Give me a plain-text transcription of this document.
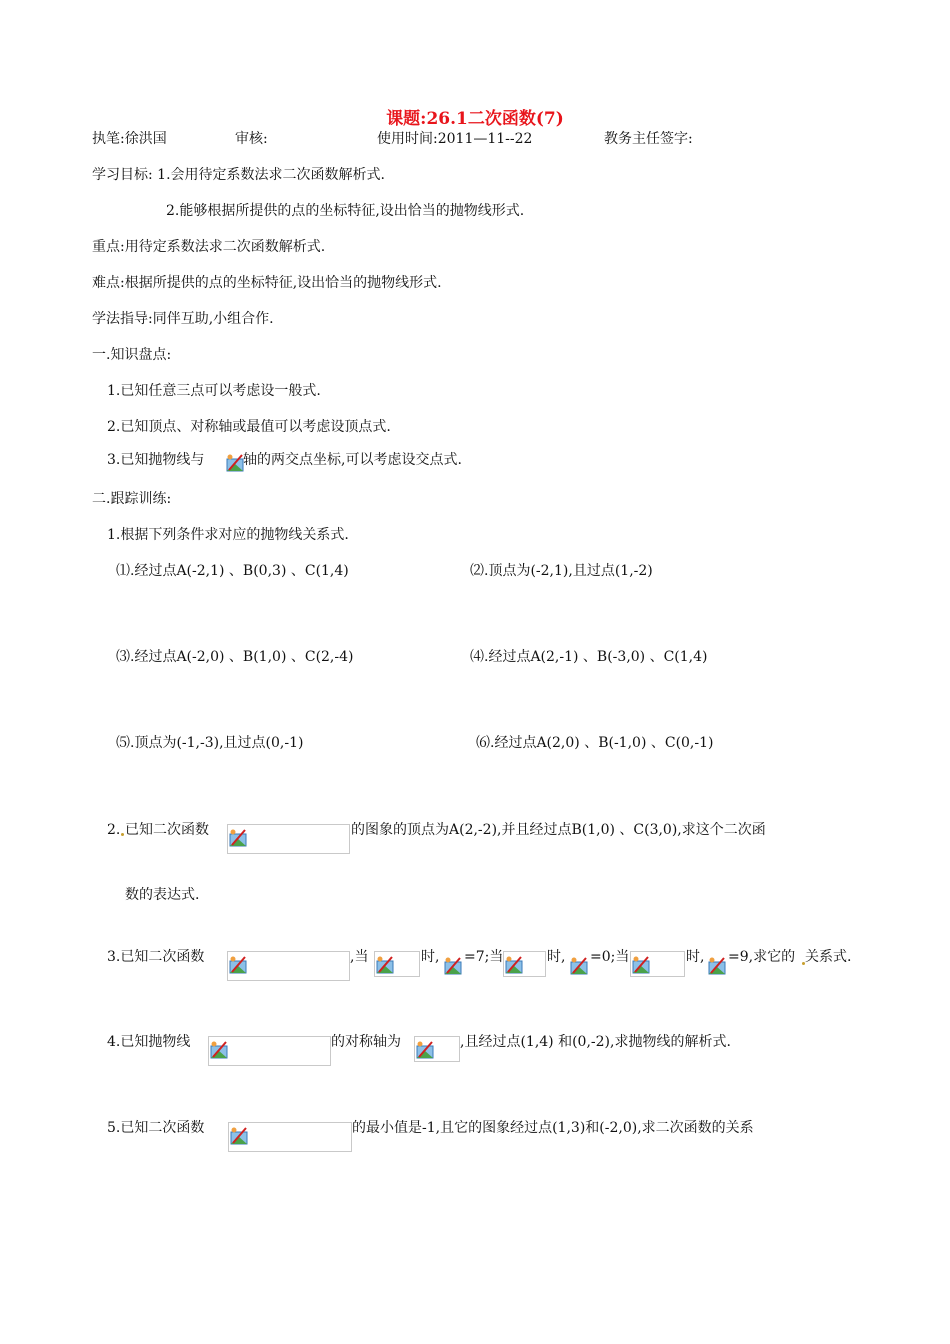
课题:26.1二次函数(7)
执笔:徐洪国	审核:	使用时间:2011—11--22	教务主任签字:
学习目标: 1.会用待定系数法求二次函数解析式.
2.能够根据所提供的点的坐标特征,设出恰当的抛物线形式.
重点:用待定系数法求二次函数解析式.
难点:根据所提供的点的坐标特征,设出恰当的抛物线形式.
学法指导:同伴互助,小组合作.
一.知识盘点:
1.已知任意三点可以考虑设一般式.
2.已知顶点、对称轴或最值可以考虑设顶点式.
3.已知抛物线与	轴的两交点坐标,可以考虑设交点式.
二.跟踪训练:
1.根据下列条件求对应的抛物线关系式.
⑴.经过点A(-2,1) 、B(0,3) 、C(1,4)	⑵.顶点为(-2,1),且过点(1,-2)
⑶.经过点A(-2,0) 、B(1,0) 、C(2,-4)	⑷.经过点A(2,-1) 、B(-3,0) 、C(1,4)
⑸.顶点为(-1,-3),且过点(0,-1)	⑹.经过点A(2,0) 、B(-1,0) 、C(0,-1)
2. 已知二次函数	的图象的顶点为A(2,-2),并且经过点B(1,0) 、C(3,0),求这个二次函
数的表达式.
3.已知二次函数	,当	时, =7;当	时, =0;当	时, =9,求它的 关系式.
4.已知抛物线	的对称轴为	,且经过点(1,4) 和(0,-2),求抛物线的解析式.
5.已知二次函数	的最小值是-1,且它的图象经过点(1,3)和(-2,0),求二次函数的关系
